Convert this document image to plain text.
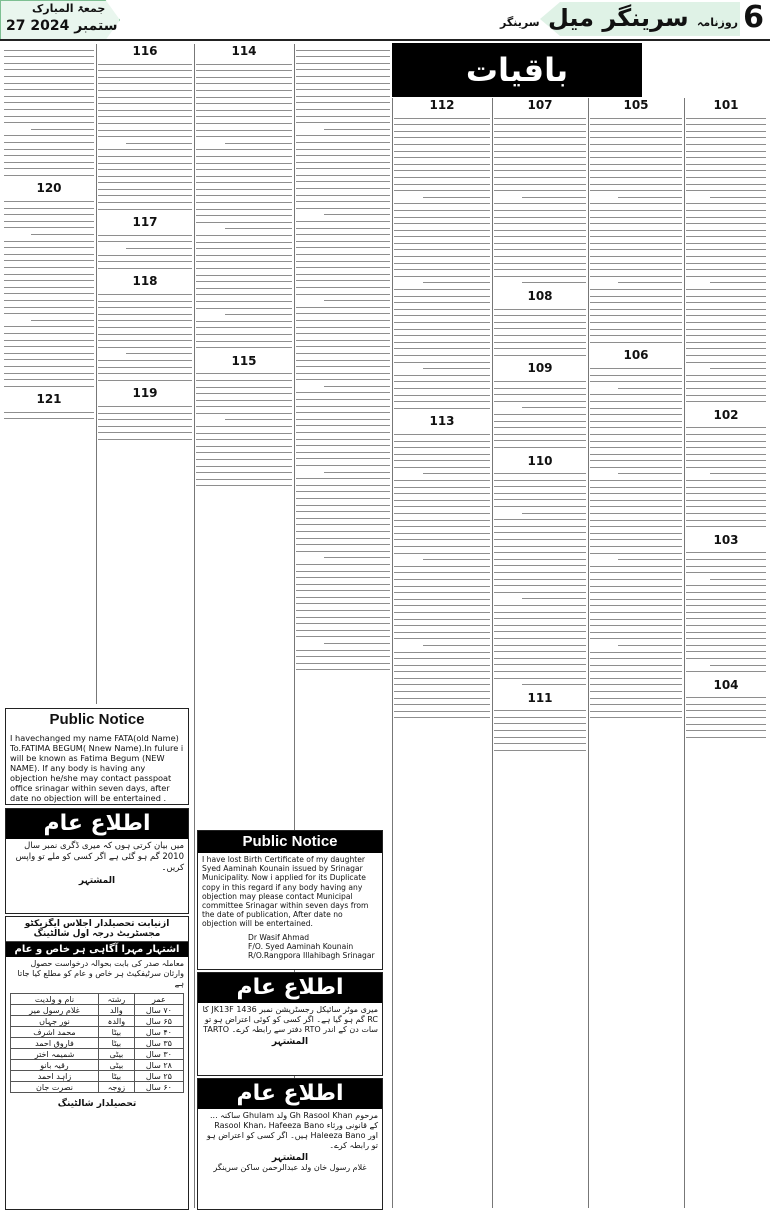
جمعۃ المبارک
27 ستمبر 2024	روزنامہ سرینگر میل سرینگر	6
باقیات
101
102
103
104
105
106
107
108
109
110
111
112
113
114
115
116
117
118
119
120
121
Public Notice
I havechanged my name FATA(old Name) To.FATIMA BEGUM( Nnew Name).In fulure i will be known as Fatima Begum (NEW NAME). If any body is having any objection he/she may contact passpoat office srinagar within seven days, after date no objection will be entertained .
اطلاع عام
میں بیان کرتی ہوں کہ میری ڈگری نمبر سال 2010 گم ہو گئی ہے اگر کسی کو ملے تو واپس کریں۔
المشتہر
ازنیابت تحصیلدار اجلاس ایگزیکٹو مجسٹریٹ درجہ اول شالٹینگ
اشتہار مہرا آگاہی ہر خاص و عام
معاملہ صدر کی بابت بحوالہ درخواست حصول وارثان سرٹیفکیٹ ہر خاص و عام کو مطلع کیا جاتا ہے
نام و ولدیت	رشتہ	عمر
غلام رسول میر	والد	۷۰ سال
نور جہاں	والدہ	۶۵ سال
محمد اشرف	بیٹا	۴۰ سال
فاروق احمد	بیٹا	۳۵ سال
شمیمہ اختر	بیٹی	۳۰ سال
رقیہ بانو	بیٹی	۲۸ سال
زاہد احمد	بیٹا	۲۵ سال
نصرت جان	زوجہ	۶۰ سال
تحصیلدار شالٹینگ
Public Notice
I have lost Birth Certificate of my daughter Syed Aaminah Kounain issued by Srinagar Municipality. Now i applied for its Duplicate copy in this regard if any body having any objection may please contact Municipal committee Srinagar within seven days from the date of publication, After date no objection will be entertained.
Dr Wasif Ahmad
F/O. Syed Aaminah Kounain
R/O.Rangpora Illahibagh Srinagar
اطلاع عام
میری موٹر سائیکل رجسٹریشن نمبر JK13F 1436 کا RC گم ہو گیا ہے۔ اگر کسی کو کوئی اعتراض ہو تو سات دن کے اندر RTO دفتر سے رابطہ کرے۔ TARTO
المشتہر
اطلاع عام
مرحوم Gh Rasool Khan ولد Ghulam ساکنہ ... کے قانونی ورثاء Rasool Khan، Hafeeza Bano اور Haleeza Bano ہیں۔ اگر کسی کو اعتراض ہو تو رابطہ کرے۔
المشتہر
غلام رسول خان ولد عبدالرحمن ساکن سرینگر
